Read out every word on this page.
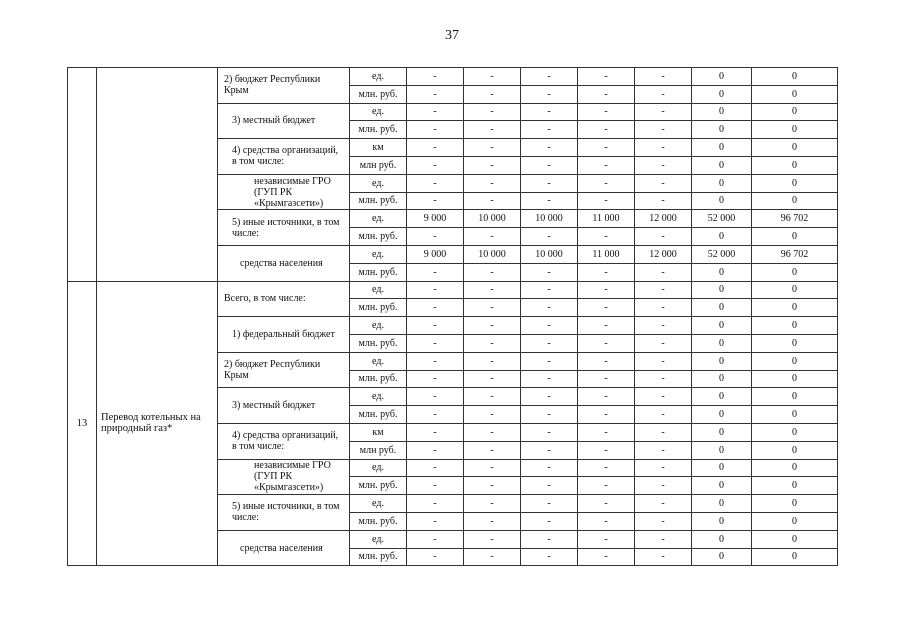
37
		2) бюджет Республики Крым	ед.	-	-	-	-	-	0	0
			млн. руб.	-	-	-	-	-	0	0
		3) местный бюджет	ед.	-	-	-	-	-	0	0
			млн. руб.	-	-	-	-	-	0	0
		4) средства организаций, в том числе:	км	-	-	-	-	-	0	0
			млн руб.	-	-	-	-	-	0	0
		независимые ГРО (ГУП РК «Крымгазсети»)	ед.	-	-	-	-	-	0	0
			млн. руб.	-	-	-	-	-	0	0
		5) иные источники, в том числе:	ед.	9 000	10 000	10 000	11 000	12 000	52 000	96 702
			млн. руб.	-	-	-	-	-	0	0
		средства населения	ед.	9 000	10 000	10 000	11 000	12 000	52 000	96 702
			млн. руб.	-	-	-	-	-	0	0
13	Перевод котельных на природный газ*	Всего, в том числе:	ед.	-	-	-	-	-	0	0
			млн. руб.	-	-	-	-	-	0	0
		1) федеральный бюджет	ед.	-	-	-	-	-	0	0
			млн. руб.	-	-	-	-	-	0	0
		2) бюджет Республики Крым	ед.	-	-	-	-	-	0	0
			млн. руб.	-	-	-	-	-	0	0
		3) местный бюджет	ед.	-	-	-	-	-	0	0
			млн. руб.	-	-	-	-	-	0	0
		4) средства организаций, в том числе:	км	-	-	-	-	-	0	0
			млн руб.	-	-	-	-	-	0	0
		независимые ГРО (ГУП РК «Крымгазсети»)	ед.	-	-	-	-	-	0	0
			млн. руб.	-	-	-	-	-	0	0
		5) иные источники, в том числе:	ед.	-	-	-	-	-	0	0
			млн. руб.	-	-	-	-	-	0	0
		средства населения	ед.	-	-	-	-	-	0	0
			млн. руб.	-	-	-	-	-	0	0
